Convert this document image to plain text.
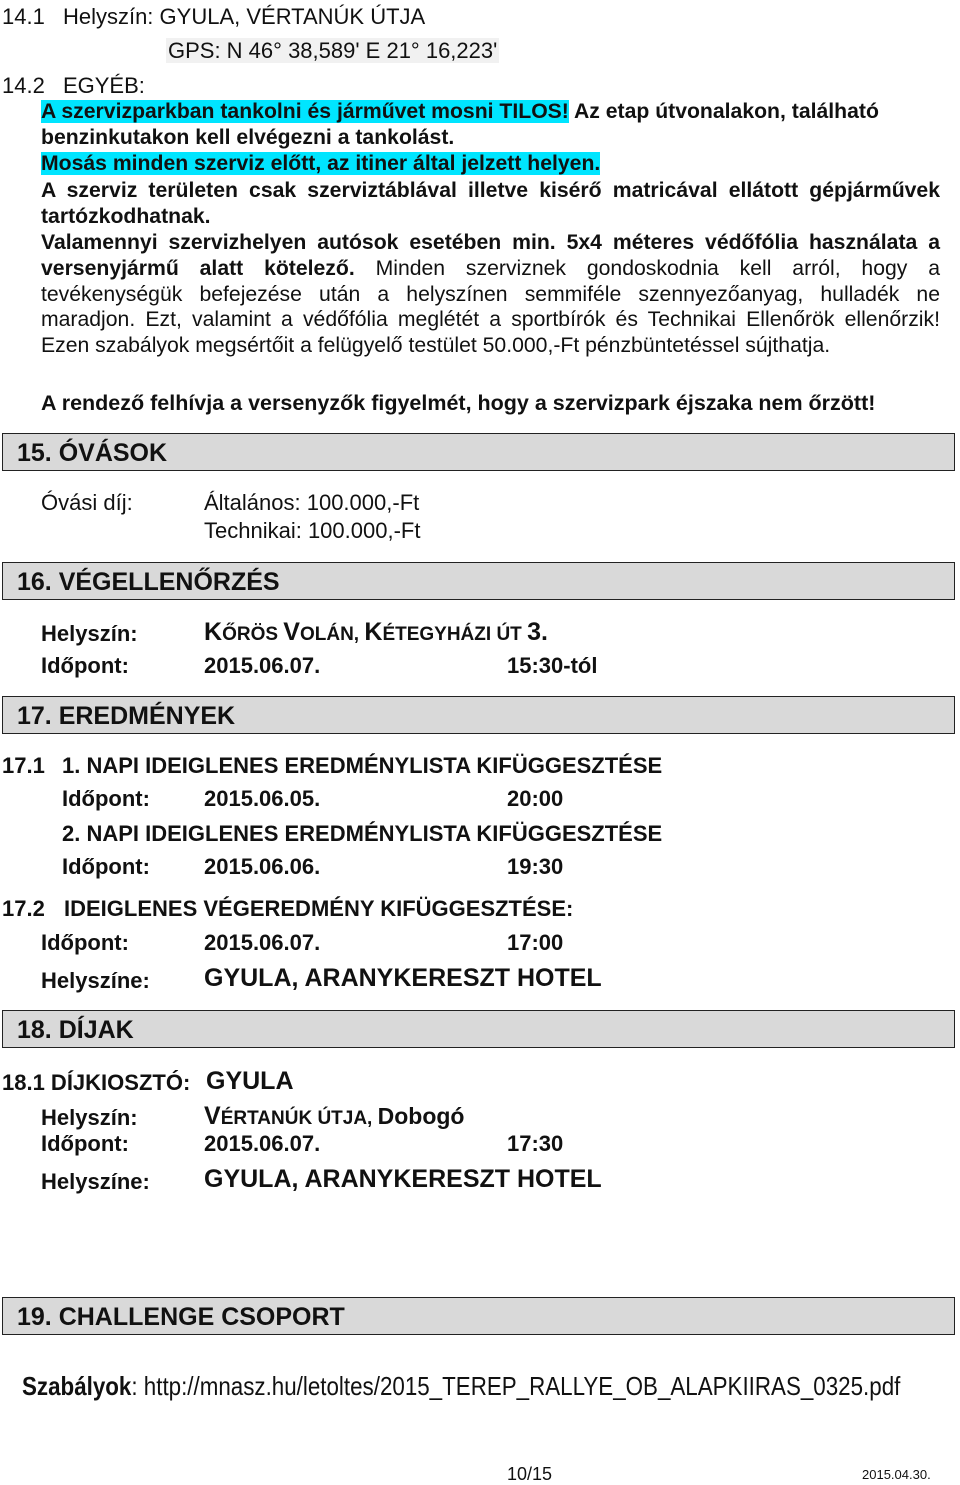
14.1 Helyszín: GYULA, VÉRTANÚK ÚTJA
GPS: N 46° 38,589' E 21° 16,223'
14.2 EGYÉB:
A szervizparkban tankolni és járművet mosni TILOS! Az etap útvonalakon, található
benzinkutakon kell elvégezni a tankolást.
Mosás minden szerviz előtt, az itiner által jelzett helyen.
A szerviz területen csak szerviztáblával illetve kisérő matricával ellátott gépjárművek tartózkodhatnak.
Valamennyi szervizhelyen autósok esetében min. 5x4 méteres védőfólia használata a versenyjármű alatt kötelező. Minden szerviznek gondoskodnia kell arról, hogy a tevékenységük befejezése után a helyszínen semmiféle szennyezőanyag, hulladék ne maradjon. Ezt, valamint a védőfólia meglétét a sportbírók és Technikai Ellenőrök ellenőrzik! Ezen szabályok megsértőit a felügyelő testület 50.000,-Ft pénzbüntetéssel sújthatja.
A rendező felhívja a versenyzők figyelmét, hogy a szervizpark éjszaka nem őrzött!
15. ÓVÁSOK
Óvási díj:	Általános: 100.000,-Ft
Technikai: 100.000,-Ft
16. VÉGELLENŐRZÉS
Helyszín:	KŐRÖS VOLÁN, KÉTEGYHÁZI ÚT 3.
Időpont:	2015.06.07.	15:30-tól
17. EREDMÉNYEK
17.1 1. NAPI IDEIGLENES EREDMÉNYLISTA KIFÜGGESZTÉSE
Időpont: 2015.06.05.	20:00
2. NAPI IDEIGLENES EREDMÉNYLISTA KIFÜGGESZTÉSE
Időpont: 2015.06.06.	19:30
17.2 IDEIGLENES VÉGEREDMÉNY KIFÜGGESZTÉSE:
Időpont:	2015.06.07.	17:00
Helyszíne: GYULA, ARANYKERESZT HOTEL
18. DÍJAK
18.1 DÍJKIOSZTÓ: GYULA
Helyszín:	VÉRTANÚK ÚTJA, Dobogó
Időpont:	2015.06.07.	17:30
Helyszíne: GYULA, ARANYKERESZT HOTEL
19. CHALLENGE CSOPORT
Szabályok: http://mnasz.hu/letoltes/2015_TEREP_RALLYE_OB_ALAPKIIRAS_0325.pdf
10/15	2015.04.30.
